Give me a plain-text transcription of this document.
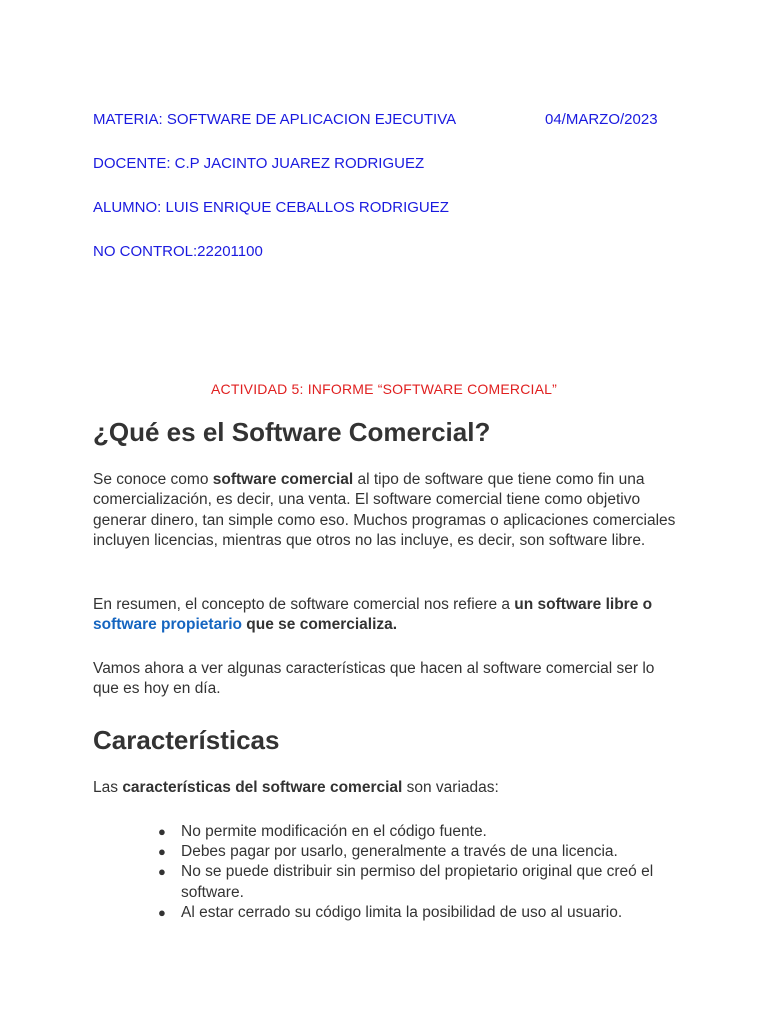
MATERIA: SOFTWARE DE APLICACION EJECUTIVA	04/MARZO/2023
DOCENTE: C.P JACINTO JUAREZ RODRIGUEZ
ALUMNO: LUIS ENRIQUE CEBALLOS RODRIGUEZ
NO CONTROL:22201100
ACTIVIDAD 5: INFORME “SOFTWARE COMERCIAL”
¿Qué es el Software Comercial?

Se conoce como software comercial al tipo de software que tiene como fin una comercialización, es decir, una venta. El software comercial tiene como objetivo generar dinero, tan simple como eso. Muchos programas o aplicaciones comerciales incluyen licencias, mientras que otros no las incluye, es decir, son software libre.

En resumen, el concepto de software comercial nos refiere a un software libre o software propietario que se comercializa.

Vamos ahora a ver algunas características que hacen al software comercial ser lo que es hoy en día.

Características

Las características del software comercial son variadas:

● No permite modificación en el código fuente.
● Debes pagar por usarlo, generalmente a través de una licencia.
● No se puede distribuir sin permiso del propietario original que creó el software.
● Al estar cerrado su código limita la posibilidad de uso al usuario.
